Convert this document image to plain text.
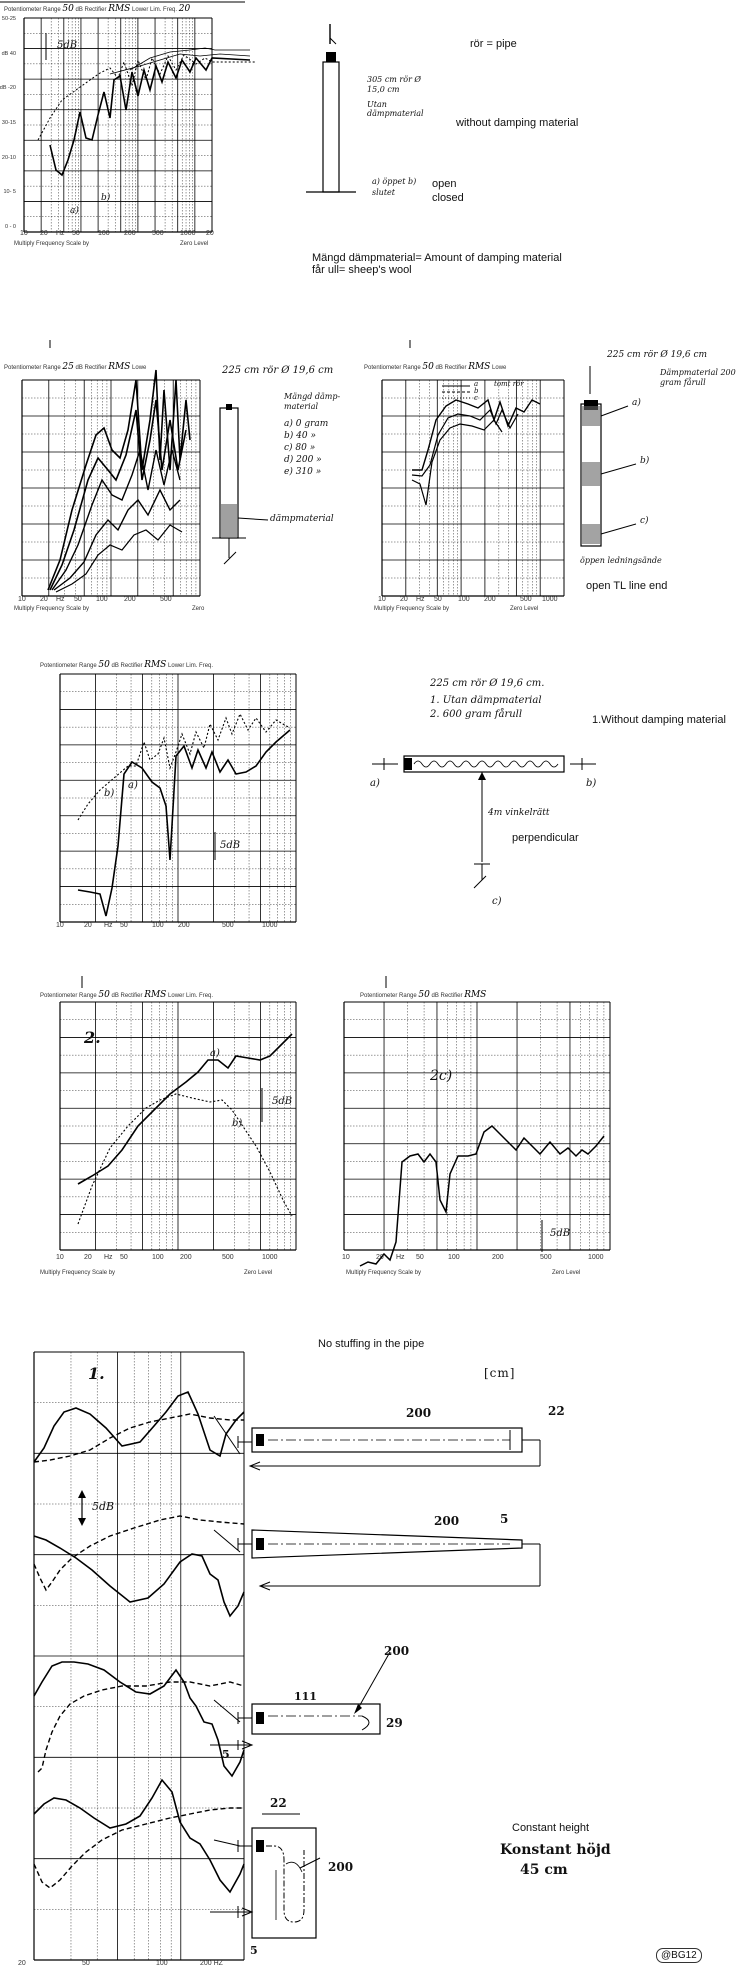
Potentiometer Range 50 dB Rectifier RMS Lower Lim. Freq. 20
5dB
a)
b)
50-25
dB 40
dB -20
30-15
20-10
10- 5
0 - 0
10 20 Hz 50	100 200 500 1000 20
Multiply Frequency Scale by	Zero Level
305 cm rör Ø 15,0 cm
Utan dämpmaterial
a) öppet b) slutet
rör = pipe
without damping material
open
closed
Mängd dämpmaterial= Amount of damping material
får ull= sheep's wool
Potentiometer Range 25 dB Rectifier RMS Lowe
10 20 Hz 50 100 200	500
Multiply Frequency Scale by	Zero
225 cm rör Ø 19,6 cm
Mängd dämp-material
a) 0 gram
b) 40 »
c) 80 »
d) 200 »
e) 310 »
dämpmaterial
Potentiometer Range 50 dB Rectifier RMS Lowe
a
b
c
tomt rör
10 20 Hz 50 100 200	500 1000
Multiply Frequency Scale by	Zero Level
225 cm rör Ø 19,6 cm
Dämpmaterial 200 gram fårull
a)
b)
c)
öppen ledningsände
open TL line end
Potentiometer Range 50 dB Rectifier RMS Lower Lim. Freq.
1.
5dB
a)
b)
10	20 Hz 50	100 200	500	1000
225 cm rör Ø 19,6 cm.
1. Utan dämpmaterial
2. 600 gram fårull	1.Without damping material
a)	b)
c)
4m vinkelrätt
perpendicular
Potentiometer Range 50 dB Rectifier RMS Lower Lim. Freq.
2.
5dB
a)
b)
10	20 Hz 50	100 200	500	1000
Multiply Frequency Scale by	Zero Level
Potentiometer Range 50 dB Rectifier RMS
2c)
5dB
10	20 Hz 50	100	200	500	1000
Multiply Frequency Scale by	Zero Level
No stuffing in the pipe
[cm]
5dB
20	50	100	200 HZ
200	22
200	5
111
200
29
5
22
200
5
Constant height
Konstant höjd
45 cm
@BG12
